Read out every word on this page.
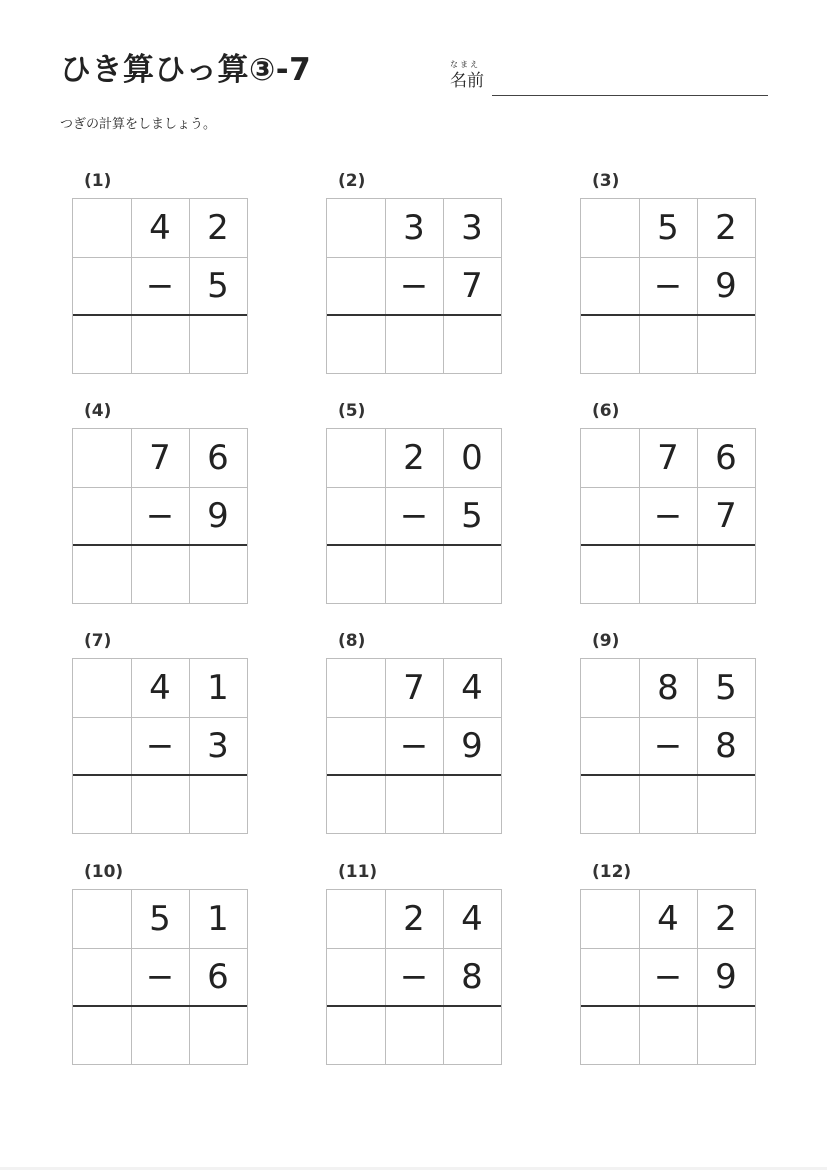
ひき算ひっ算③-7	なまえ
名前
つぎの計算をしましょう。
(1)
4	2
− 5
(2)
3	3
− 7
(3)
5	2
− 9
(4)
7	6
− 9
(5)
2	0
− 5
(6)
7	6
− 7
(7)
4	1
− 3
(8)
7	4
− 9
(9)
8	5
− 8
(10)
5	1
− 6
(11)
2	4
− 8
(12)
4	2
− 9
